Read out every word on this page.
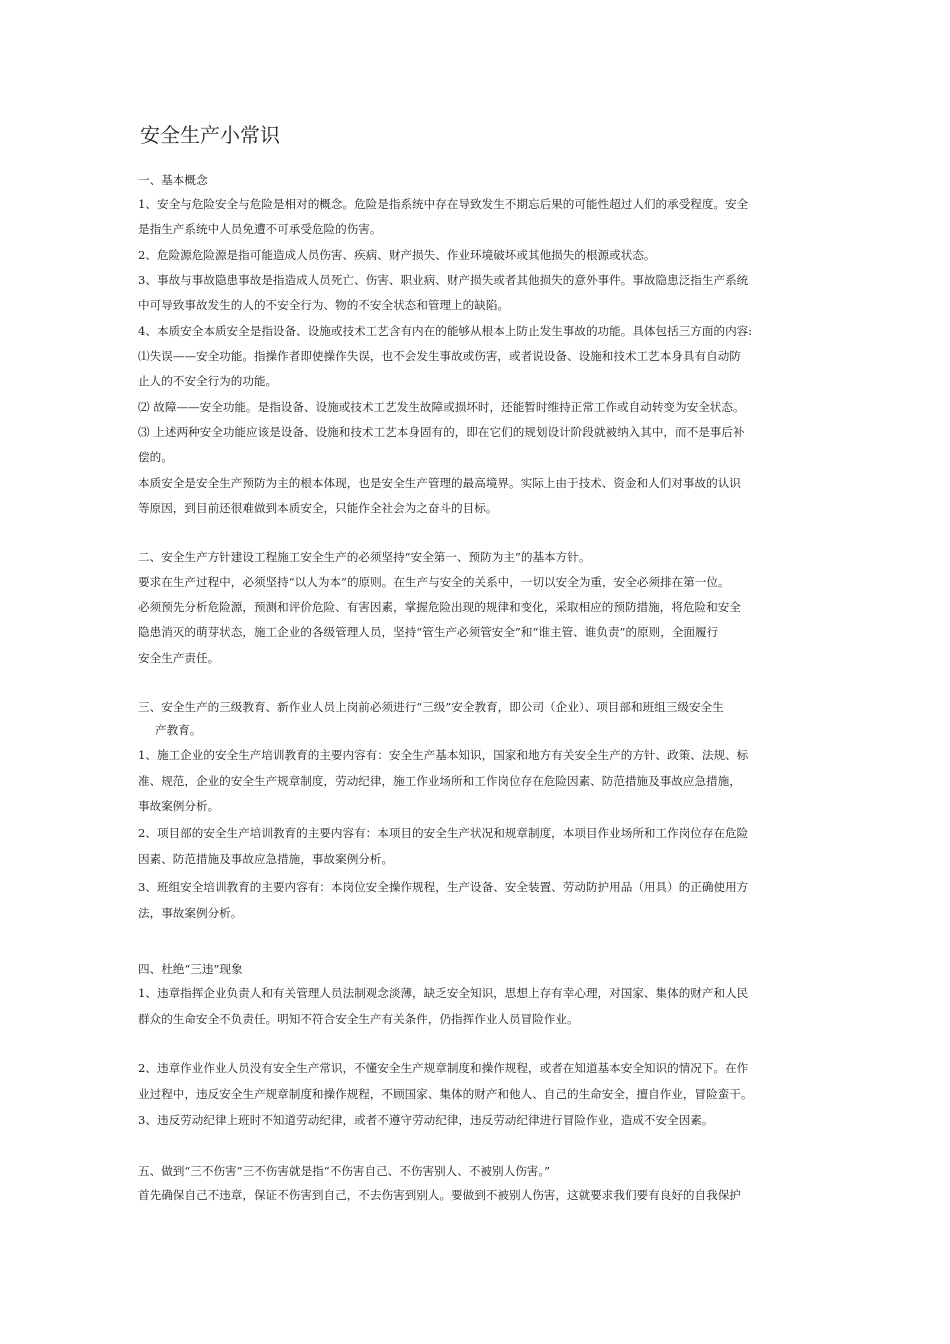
安全生产小常识
一、基本概念
1、安全与危险安全与危险是相对的概念。危险是指系统中存在导致发生不期忘后果的可能性超过人们的承受程度。安全
是指生产系统中人员免遭不可承受危险的伤害。
2、危险源危险源是指可能造成人员伤害、疾病、财产损失、作业环境破坏或其他损失的根源或状态。
3、事故与事故隐患事故是指造成人员死亡、伤害、职业病、财产损失或者其他损失的意外事件。事故隐患泛指生产系统
中可导致事故发生的人的不安全行为、物的不安全状态和管理上的缺陷。
4、本质安全本质安全是指设备、设施或技术工艺含有内在的能够从根本上防止发生事故的功能。具体包括三方面的内容:
⑴失误——安全功能。指操作者即使操作失误，也不会发生事故或伤害，或者说设备、设施和技术工艺本身具有自动防
止人的不安全行为的功能。
⑵ 故障——安全功能。是指设备、设施或技术工艺发生故障或损坏时，还能暂时维持正常工作或自动转变为安全状态。
⑶ 上述两种安全功能应该是设备、设施和技术工艺本身固有的，即在它们的规划设计阶段就被纳入其中，而不是事后补
偿的。
本质安全是安全生产预防为主的根本体现，也是安全生产管理的最高境界。实际上由于技术、资金和人们对事故的认识
等原因，到目前还很难做到本质安全，只能作全社会为之奋斗的目标。
二、安全生产方针建设工程施工安全生产的必须坚持“安全第一、预防为主”的基本方针。
要求在生产过程中，必须坚持“以人为本”的原则。在生产与安全的关系中，一切以安全为重，安全必须排在第一位。
必须预先分析危险源，预测和评价危险、有害因素，掌握危险出现的规律和变化，采取相应的预防措施，将危险和安全
隐患消灭的萌芽状态，施工企业的各级管理人员，坚持“管生产必须管安全”和“谁主管、谁负责”的原则，全面履行
安全生产责任。
三、安全生产的三级教育、新作业人员上岗前必须进行“三级”安全教育，即公司（企业）、项目部和班组三级安全生
产教育。
1、施工企业的安全生产培训教育的主要内容有：安全生产基本知识，国家和地方有关安全生产的方针、政策、法规、标
准、规范，企业的安全生产规章制度，劳动纪律，施工作业场所和工作岗位存在危险因素、防范措施及事故应急措施，
事故案例分析。
2、项目部的安全生产培训教育的主要内容有：本项目的安全生产状况和规章制度，本项目作业场所和工作岗位存在危险
因素、防范措施及事故应急措施，事故案例分析。
3、班组安全培训教育的主要内容有：本岗位安全操作规程，生产设备、安全装置、劳动防护用品（用具）的正确使用方
法，事故案例分析。
四、杜绝“三违”现象
1、违章指挥企业负责人和有关管理人员法制观念淡薄，缺乏安全知识，思想上存有幸心理，对国家、集体的财产和人民
群众的生命安全不负责任。明知不符合安全生产有关条件，仍指挥作业人员冒险作业。
2、违章作业作业人员没有安全生产常识，不懂安全生产规章制度和操作规程，或者在知道基本安全知识的情况下。在作
业过程中，违反安全生产规章制度和操作规程，不顾国家、集体的财产和他人、自己的生命安全，擅自作业，冒险蛮干。
3、违反劳动纪律上班时不知道劳动纪律，或者不遵守劳动纪律，违反劳动纪律进行冒险作业，造成不安全因素。
五、做到“三不伤害”三不伤害就是指“不伤害自己、不伤害别人、不被别人伤害。”
首先确保自己不违章，保证不伤害到自己，不去伤害到别人。要做到不被别人伤害，这就要求我们要有良好的自我保护
